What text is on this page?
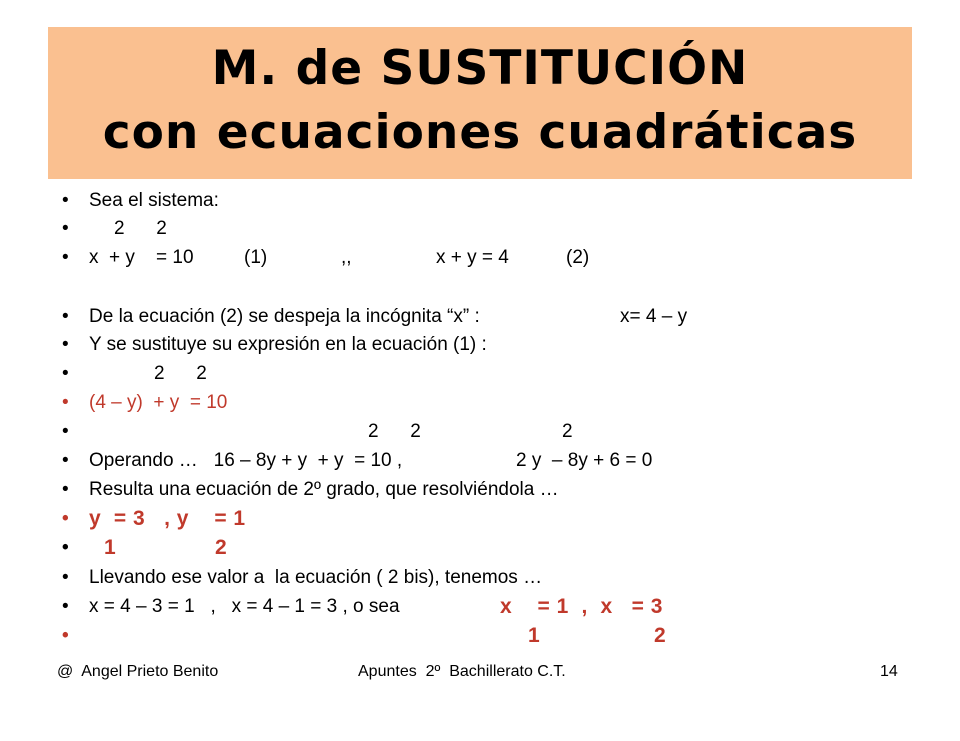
M. de SUSTITUCIÓN
con ecuaciones cuadráticas

•

Sea el sistema:

•

2      2

•

x  + y    = 10

	(1)

	,,

	x + y = 4

	(2)

•

De la ecuación (2) se despeja la incógnita “x” :

	x= 4 – y

•

Y se sustituye su expresión en la ecuación (1) :

•

	2      2

•

(4 – y)  + y  = 10

•

	2      2

	2

•

Operando …   16 – 8y + y  + y  = 10 ,

	2 y  – 8y + 6 = 0

•

Resulta una ecuación de 2º grado, que resolviéndola …

•

y  = 3   , y    = 1

•

1

	2

•

Llevando ese valor a  la ecuación ( 2 bis), tenemos …

•

x = 4 – 3 = 1   ,   x = 4 – 1 = 3 , o sea

	x    = 1  ,  x   = 3

•

	1

	2

@  Angel Prieto Benito	Apuntes  2º  Bachillerato C.T.	14
